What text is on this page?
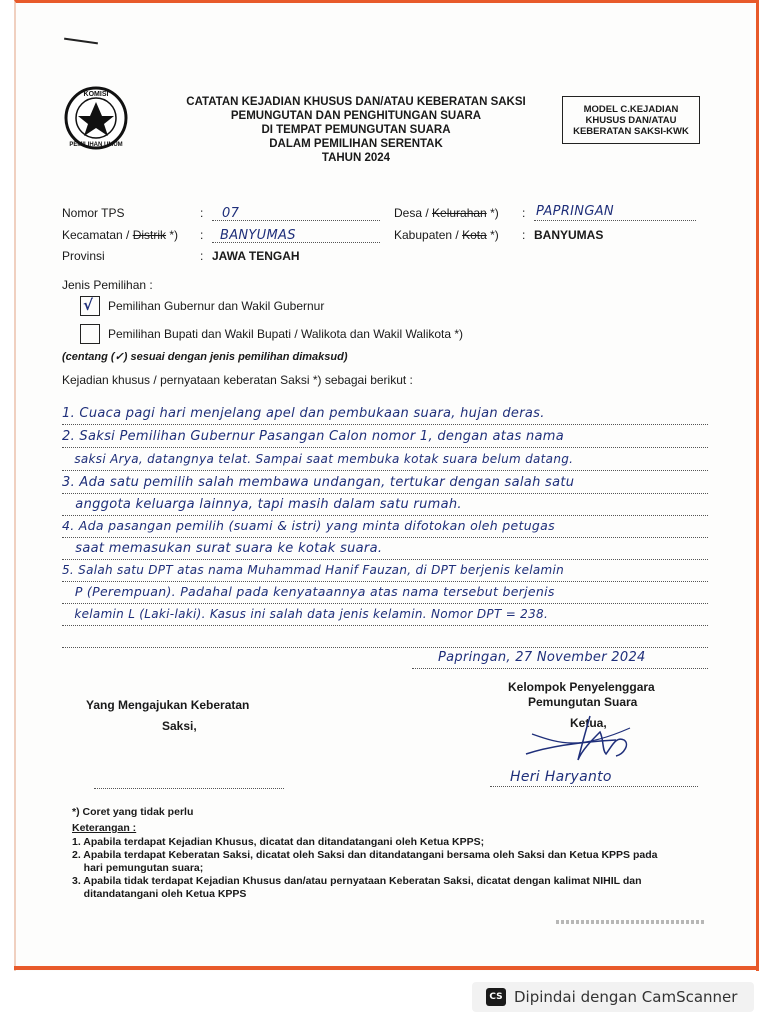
KOMISI
PEMILIHAN UMUM
CATATAN KEJADIAN KHUSUS DAN/ATAU KEBERATAN SAKSI
PEMUNGUTAN DAN PENGHITUNGAN SUARA
DI TEMPAT PEMUNGUTAN SUARA
DALAM PEMILIHAN SERENTAK
TAHUN 2024
MODEL C.KEJADIAN
KHUSUS DAN/ATAU
KEBERATAN SAKSI-KWK
Nomor TPS	:	07	Desa / Kelurahan *) : PAPRINGAN
Kecamatan / Distrik *) :	BANYUMAS	Kabupaten / Kota *) : BANYUMAS
Provinsi	: JAWA TENGAH
Jenis Pemilihan :
√ Pemilihan Gubernur dan Wakil Gubernur
Pemilihan Bupati dan Wakil Bupati / Walikota dan Wakil Walikota *)
(centang (✓) sesuai dengan jenis pemilihan dimaksud)
Kejadian khusus / pernyataan keberatan Saksi *) sebagai berikut :
1. Cuaca pagi hari menjelang apel dan pembukaan suara, hujan deras.
2. Saksi Pemilihan Gubernur Pasangan Calon nomor 1, dengan atas nama
saksi Arya, datangnya telat. Sampai saat membuka kotak suara belum datang.
3. Ada satu pemilih salah membawa undangan, tertukar dengan salah satu
anggota keluarga lainnya, tapi masih dalam satu rumah.
4. Ada pasangan pemilih (suami & istri) yang minta difotokan oleh petugas
saat memasukan surat suara ke kotak suara.
5. Salah satu DPT atas nama Muhammad Hanif Fauzan, di DPT berjenis kelamin
P (Perempuan). Padahal pada kenyataannya atas nama tersebut berjenis
kelamin L (Laki-laki). Kasus ini salah data jenis kelamin. Nomor DPT = 238.
Papringan, 27 November 2024
Yang Mengajukan Keberatan
Saksi,
Kelompok Penyelenggara
Pemungutan Suara
Ketua,
Heri Haryanto
*) Coret yang tidak perlu
Keterangan :
1. Apabila terdapat Kejadian Khusus, dicatat dan ditandatangani oleh Ketua KPPS;
2. Apabila terdapat Keberatan Saksi, dicatat oleh Saksi dan ditandatangani bersama oleh Saksi dan Ketua KPPS pada
hari pemungutan suara;
3. Apabila tidak terdapat Kejadian Khusus dan/atau pernyataan Keberatan Saksi, dicatat dengan kalimat NIHIL dan
ditandatangani oleh Ketua KPPS
CS Dipindai dengan CamScanner
